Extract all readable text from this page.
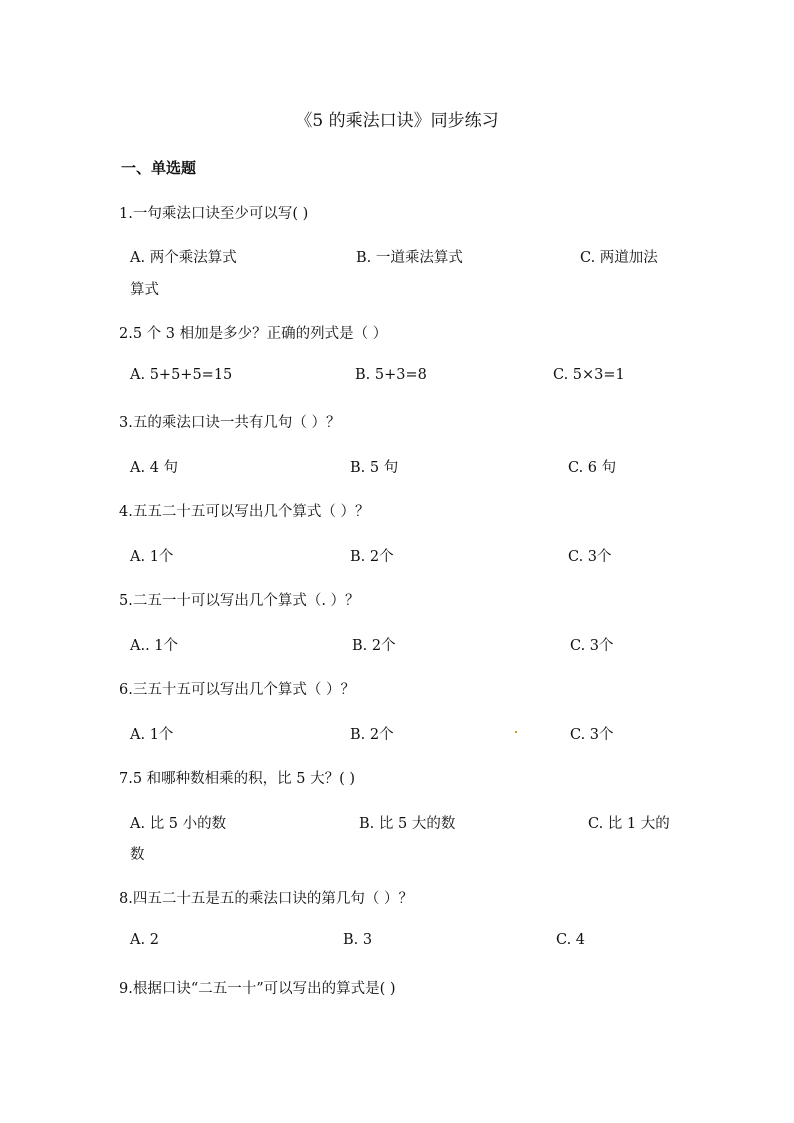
《5 的乘法口诀》同步练习
一、单选题
1.一句乘法口诀至少可以写( )
A. 两个乘法算式	B. 一道乘法算式	C. 两道加法
算式
2.5 个 3 相加是多少？正确的列式是（ ）
A. 5+5+5=15	B. 5+3=8	C. 5×3=1
3.五的乘法口诀一共有几句（ ）？
A. 4 句	B. 5 句	C. 6 句
4.五五二十五可以写出几个算式（ ）？
A. 1个	B. 2个	C. 3个
5.二五一十可以写出几个算式（. ）？
A.. 1个	B. 2个	C. 3个
6.三五十五可以写出几个算式（ ）？
A. 1个	B. 2个	C. 3个
7.5 和哪种数相乘的积，比 5 大？( )
A. 比 5 小的数	B. 比 5 大的数	C. 比 1 大的
数
8.四五二十五是五的乘法口诀的第几句（ ）？
A. 2	B. 3	C. 4
9.根据口诀“二五一十”可以写出的算式是( )
